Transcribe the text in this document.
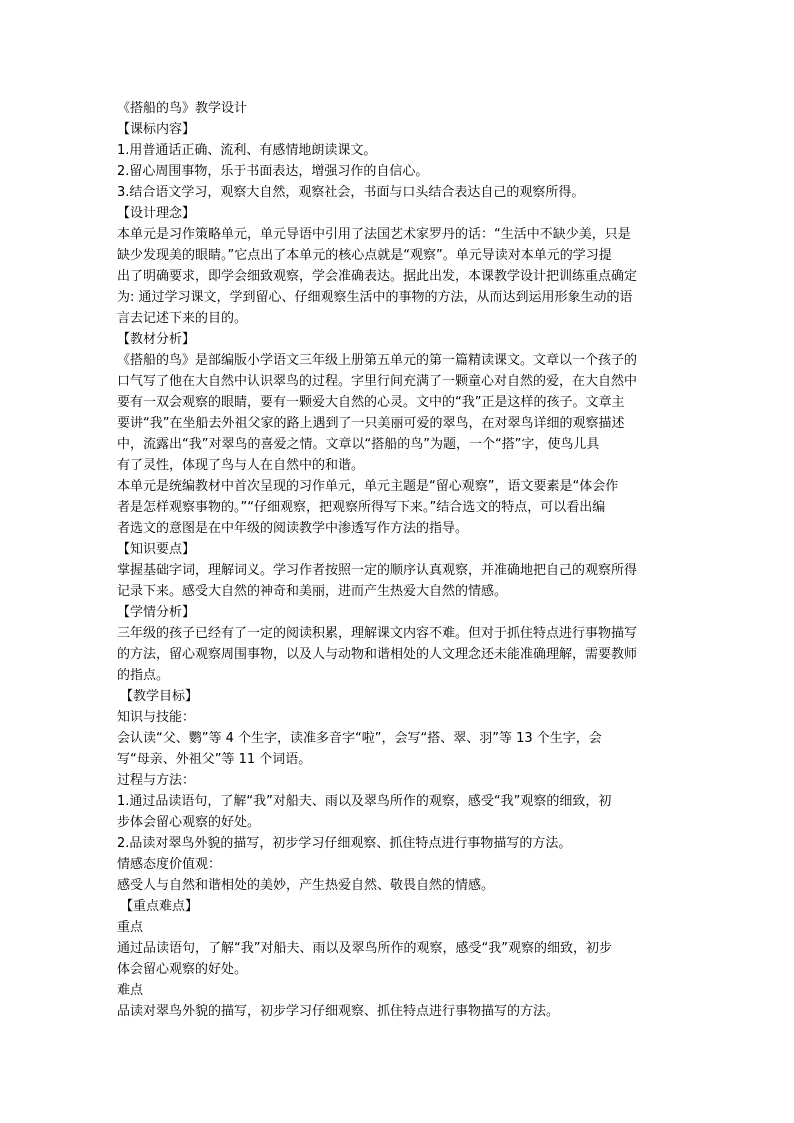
《搭船的鸟》教学设计
【课标内容】
1.用普通话正确、流利、有感情地朗读课文。
2.留心周围事物，乐于书面表达，增强习作的自信心。
3.结合语文学习，观察大自然，观察社会，书面与口头结合表达自己的观察所得。
【设计理念】
本单元是习作策略单元，单元导语中引用了法国艺术家罗丹的话：“生活中不缺少美，只是
缺少发现美的眼睛。”它点出了本单元的核心点就是“观察”。单元导读对本单元的学习提
出了明确要求，即学会细致观察，学会准确表达。据此出发，本课教学设计把训练重点确定
为: 通过学习课文，学到留心、仔细观察生活中的事物的方法，从而达到运用形象生动的语
言去记述下来的目的。
【教材分析】
《搭船的鸟》是部编版小学语文三年级上册第五单元的第一篇精读课文。文章以一个孩子的
口气写了他在大自然中认识翠鸟的过程。字里行间充满了一颗童心对自然的爱，在大自然中
要有一双会观察的眼睛，要有一颗爱大自然的心灵。文中的“我”正是这样的孩子。文章主
要讲“我”在坐船去外祖父家的路上遇到了一只美丽可爱的翠鸟，在对翠鸟详细的观察描述
中，流露出“我”对翠鸟的喜爱之情。文章以“搭船的鸟”为题，一个“搭”字，使鸟儿具
有了灵性，体现了鸟与人在自然中的和谐。
本单元是统编教材中首次呈现的习作单元，单元主题是“留心观察”，语文要素是“体会作
者是怎样观察事物的。”“仔细观察，把观察所得写下来。”结合选文的特点，可以看出编
者选文的意图是在中年级的阅读教学中渗透写作方法的指导。
【知识要点】
掌握基础字词，理解词义。学习作者按照一定的顺序认真观察，并准确地把自己的观察所得
记录下来。感受大自然的神奇和美丽，进而产生热爱大自然的情感。
【学情分析】
三年级的孩子已经有了一定的阅读积累，理解课文内容不难。但对于抓住特点进行事物描写
的方法，留心观察周围事物，以及人与动物和谐相处的人文理念还未能准确理解，需要教师
的指点。
【教学目标】
知识与技能：
会认读“父、鹦”等 4 个生字，读准多音字“啦”，会写“搭、翠、羽”等 13 个生字，会
写“母亲、外祖父”等 11 个词语。
过程与方法：
1.通过品读语句，了解“我”对船夫、雨以及翠鸟所作的观察，感受“我”观察的细致，初
步体会留心观察的好处。
2.品读对翠鸟外貌的描写，初步学习仔细观察、抓住特点进行事物描写的方法。
情感态度价值观：
感受人与自然和谐相处的美妙，产生热爱自然、敬畏自然的情感。
【重点难点】
重点
通过品读语句，了解“我”对船夫、雨以及翠鸟所作的观察，感受“我”观察的细致，初步
体会留心观察的好处。
难点
品读对翠鸟外貌的描写，初步学习仔细观察、抓住特点进行事物描写的方法。
